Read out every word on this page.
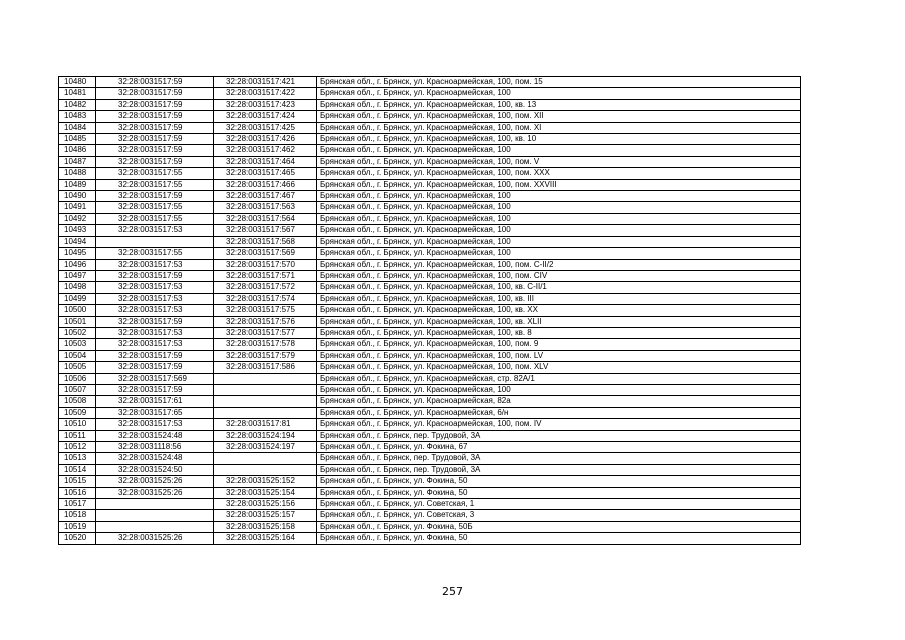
10480	32:28:0031517:59	32:28:0031517:421	Брянская обл., г. Брянск, ул. Красноармейская, 100, пом. 15
10481	32:28:0031517:59	32:28:0031517:422	Брянская обл., г. Брянск, ул. Красноармейская, 100
10482	32:28:0031517:59	32:28:0031517:423	Брянская обл., г. Брянск, ул. Красноармейская, 100, кв. 13
10483	32:28:0031517:59	32:28:0031517:424	Брянская обл., г. Брянск, ул. Красноармейская, 100, пом. XII
10484	32:28:0031517:59	32:28:0031517:425	Брянская обл., г. Брянск, ул. Красноармейская, 100, пом. XI
10485	32:28:0031517:59	32:28:0031517:426	Брянская обл., г. Брянск, ул. Красноармейская, 100, кв. 10
10486	32:28:0031517:59	32:28:0031517:462	Брянская обл., г. Брянск, ул. Красноармейская, 100
10487	32:28:0031517:59	32:28:0031517:464	Брянская обл., г. Брянск, ул. Красноармейская, 100, пом. V
10488	32:28:0031517:55	32:28:0031517:465	Брянская обл., г. Брянск, ул. Красноармейская, 100, пом. XXX
10489	32:28:0031517:55	32:28:0031517:466	Брянская обл., г. Брянск, ул. Красноармейская, 100, пом. XXVIII
10490	32:28:0031517:59	32:28:0031517:467	Брянская обл., г. Брянск, ул. Красноармейская, 100
10491	32:28:0031517:55	32:28:0031517:563	Брянская обл., г. Брянск, ул. Красноармейская, 100
10492	32:28:0031517:55	32:28:0031517:564	Брянская обл., г. Брянск, ул. Красноармейская, 100
10493	32:28:0031517:53	32:28:0031517:567	Брянская обл., г. Брянск, ул. Красноармейская, 100
10494		32:28:0031517:568	Брянская обл., г. Брянск, ул. Красноармейская, 100
10495	32:28:0031517:55	32:28:0031517:569	Брянская обл., г. Брянск, ул. Красноармейская, 100
10496	32:28:0031517:53	32:28:0031517:570	Брянская обл., г. Брянск, ул. Красноармейская, 100, пом. С-II/2
10497	32:28:0031517:59	32:28:0031517:571	Брянская обл., г. Брянск, ул. Красноармейская, 100, пом. CIV
10498	32:28:0031517:53	32:28:0031517:572	Брянская обл., г. Брянск, ул. Красноармейская, 100, кв. С-II/1
10499	32:28:0031517:53	32:28:0031517:574	Брянская обл., г. Брянск, ул. Красноармейская, 100, кв. III
10500	32:28:0031517:53	32:28:0031517:575	Брянская обл., г. Брянск, ул. Красноармейская, 100, кв. XX
10501	32:28:0031517:59	32:28:0031517:576	Брянская обл., г. Брянск, ул. Красноармейская, 100, кв. XLII
10502	32:28:0031517:53	32:28:0031517:577	Брянская обл., г. Брянск, ул. Красноармейская, 100, кв. 8
10503	32:28:0031517:53	32:28:0031517:578	Брянская обл., г. Брянск, ул. Красноармейская, 100, пом. 9
10504	32:28:0031517:59	32:28:0031517:579	Брянская обл., г. Брянск, ул. Красноармейская, 100, пом. LV
10505	32:28:0031517:59	32:28:0031517:586	Брянская обл., г. Брянск, ул. Красноармейская, 100, пом. XLV
10506	32:28:0031517:569		Брянская обл., г. Брянск, ул. Красноармейская, стр. 82А/1
10507	32:28:0031517:59		Брянская обл., г. Брянск, ул. Красноармейская, 100
10508	32:28:0031517:61		Брянская обл., г. Брянск, ул. Красноармейская, 82а
10509	32:28:0031517:65		Брянская обл., г. Брянск, ул. Красноармейская, 6/н
10510	32:28:0031517:53	32:28:0031517:81	Брянская обл., г. Брянск, ул. Красноармейская, 100, пом. IV
10511	32:28:0031524:48	32:28:0031524:194	Брянская обл., г. Брянск, пер. Трудовой, 3А
10512	32:28:0031118:56	32:28:0031524:197	Брянская обл., г. Брянск, ул. Фокина, 67
10513	32:28:0031524:48		Брянская обл., г. Брянск, пер. Трудовой, 3А
10514	32:28:0031524:50		Брянская обл., г. Брянск, пер. Трудовой, 3А
10515	32:28:0031525:26	32:28:0031525:152	Брянская обл., г. Брянск, ул. Фокина, 50
10516	32:28:0031525:26	32:28:0031525:154	Брянская обл., г. Брянск, ул. Фокина, 50
10517		32:28:0031525:156	Брянская обл., г. Брянск, ул. Советская, 1
10518		32:28:0031525:157	Брянская обл., г. Брянск, ул. Советская, 3
10519		32:28:0031525:158	Брянская обл., г. Брянск, ул. Фокина, 50Б
10520	32:28:0031525:26	32:28:0031525:164	Брянская обл., г. Брянск, ул. Фокина, 50
257
